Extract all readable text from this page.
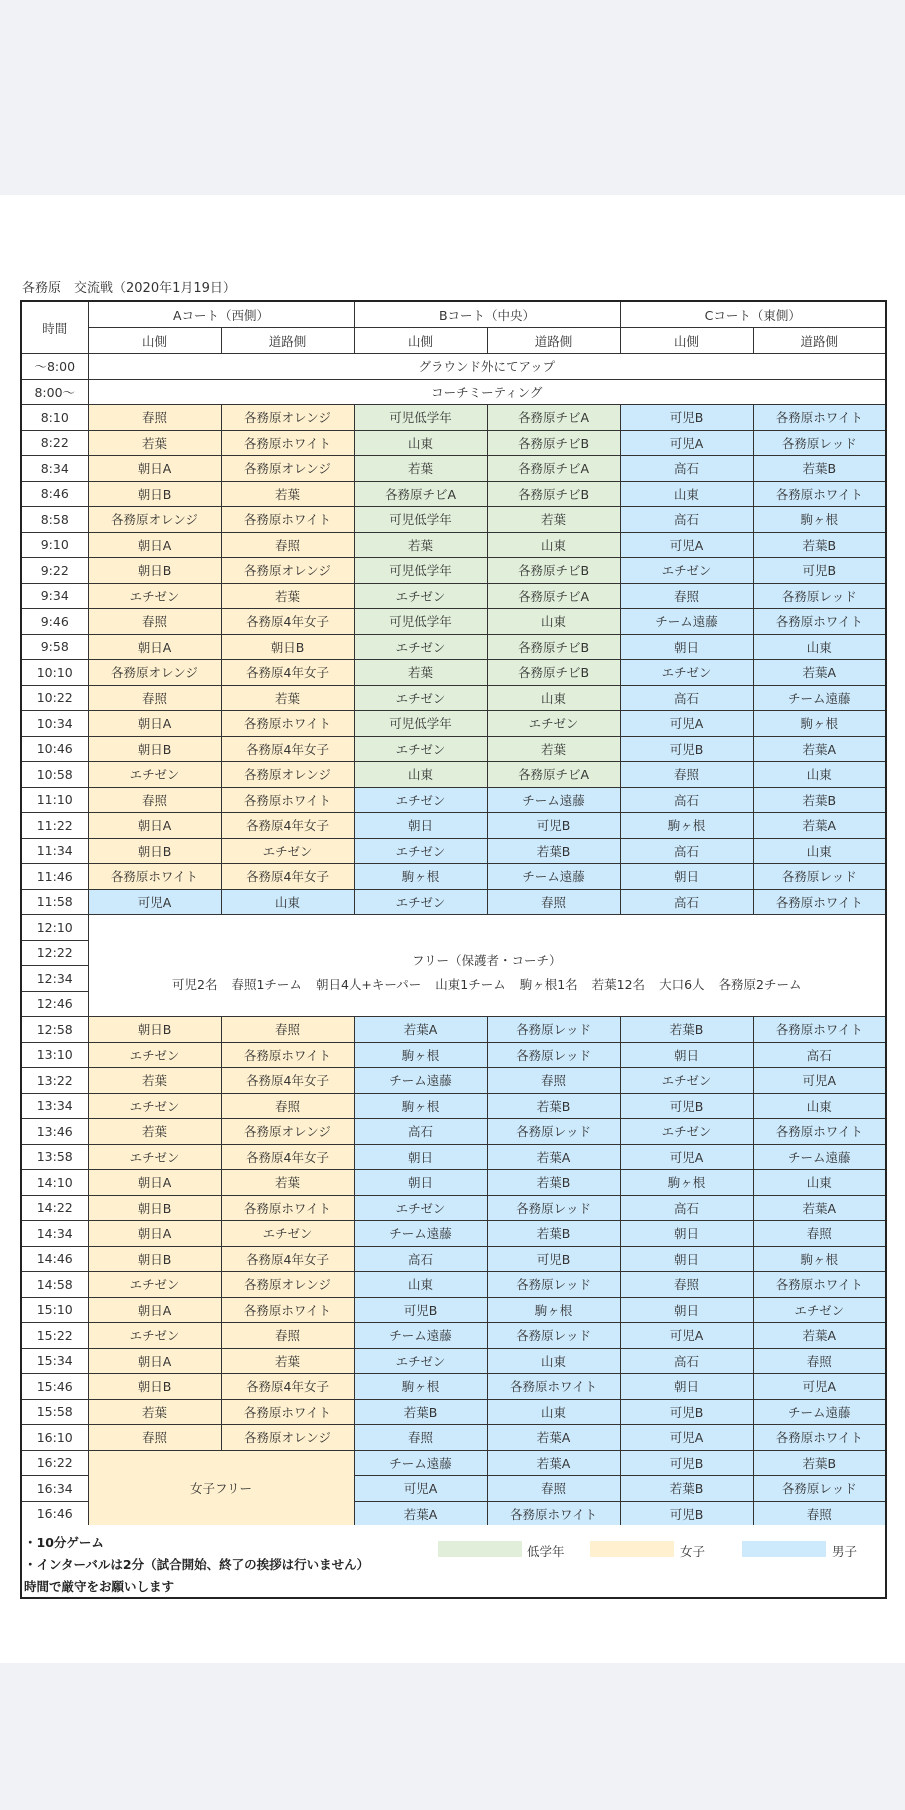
各務原　交流戦（2020年1月19日）
時間	Aコート（西側）		Bコート（中央）		Cコート（東側）	
	山側	道路側	山側	道路側	山側	道路側
～8:00	グラウンド外にてアップ					
8:00～	コーチミーティング					
8:10	春照	各務原オレンジ	可児低学年	各務原チビA	可児B	各務原ホワイト
8:22	若葉	各務原ホワイト	山東	各務原チビB	可児A	各務原レッド
8:34	朝日A	各務原オレンジ	若葉	各務原チビA	高石	若葉B
8:46	朝日B	若葉	各務原チビA	各務原チビB	山東	各務原ホワイト
8:58	各務原オレンジ	各務原ホワイト	可児低学年	若葉	高石	駒ヶ根
9:10	朝日A	春照	若葉	山東	可児A	若葉B
9:22	朝日B	各務原オレンジ	可児低学年	各務原チビB	エチゼン	可児B
9:34	エチゼン	若葉	エチゼン	各務原チビA	春照	各務原レッド
9:46	春照	各務原4年女子	可児低学年	山東	チーム遠藤	各務原ホワイト
9:58	朝日A	朝日B	エチゼン	各務原チビB	朝日	山東
10:10	各務原オレンジ	各務原4年女子	若葉	各務原チビB	エチゼン	若葉A
10:22	春照	若葉	エチゼン	山東	高石	チーム遠藤
10:34	朝日A	各務原ホワイト	可児低学年	エチゼン	可児A	駒ヶ根
10:46	朝日B	各務原4年女子	エチゼン	若葉	可児B	若葉A
10:58	エチゼン	各務原オレンジ	山東	各務原チビA	春照	山東
11:10	春照	各務原ホワイト	エチゼン	チーム遠藤	高石	若葉B
11:22	朝日A	各務原4年女子	朝日	可児B	駒ヶ根	若葉A
11:34	朝日B	エチゼン	エチゼン	若葉B	高石	山東
11:46	各務原ホワイト	各務原4年女子	駒ヶ根	チーム遠藤	朝日	各務原レッド
11:58	可児A	山東	エチゼン	春照	高石	各務原ホワイト
12:10	フリー（保護者・コーチ）
可児2名 春照1チーム 朝日4人+キーパー 山東1チーム 駒ヶ根1名 若葉12名 大口6人 各務原2チーム					

12:22						
12:34						
12:46						
12:58	朝日B	春照	若葉A	各務原レッド	若葉B	各務原ホワイト
13:10	エチゼン	各務原ホワイト	駒ヶ根	各務原レッド	朝日	高石
13:22	若葉	各務原4年女子	チーム遠藤	春照	エチゼン	可児A
13:34	エチゼン	春照	駒ヶ根	若葉B	可児B	山東
13:46	若葉	各務原オレンジ	高石	各務原レッド	エチゼン	各務原ホワイト
13:58	エチゼン	各務原4年女子	朝日	若葉A	可児A	チーム遠藤
14:10	朝日A	若葉	朝日	若葉B	駒ヶ根	山東
14:22	朝日B	各務原ホワイト	エチゼン	各務原レッド	高石	若葉A
14:34	朝日A	エチゼン	チーム遠藤	若葉B	朝日	春照
14:46	朝日B	各務原4年女子	高石	可児B	朝日	駒ヶ根
14:58	エチゼン	各務原オレンジ	山東	各務原レッド	春照	各務原ホワイト
15:10	朝日A	各務原ホワイト	可児B	駒ヶ根	朝日	エチゼン
15:22	エチゼン	春照	チーム遠藤	各務原レッド	可児A	若葉A
15:34	朝日A	若葉	エチゼン	山東	高石	春照
15:46	朝日B	各務原4年女子	駒ヶ根	各務原ホワイト	朝日	可児A
15:58	若葉	各務原ホワイト	若葉B	山東	可児B	チーム遠藤
16:10	春照	各務原オレンジ	春照	若葉A	可児A	各務原ホワイト
16:22	女子フリー		チーム遠藤	若葉A	可児B	若葉B
16:34			可児A	春照	若葉B	各務原レッド
16:46			若葉A	各務原ホワイト	可児B	春照
・10分ゲーム
・インターバルは2分（試合開始、終了の挨拶は行いません）
時間で厳守をお願いします
低学年	女子	男子
